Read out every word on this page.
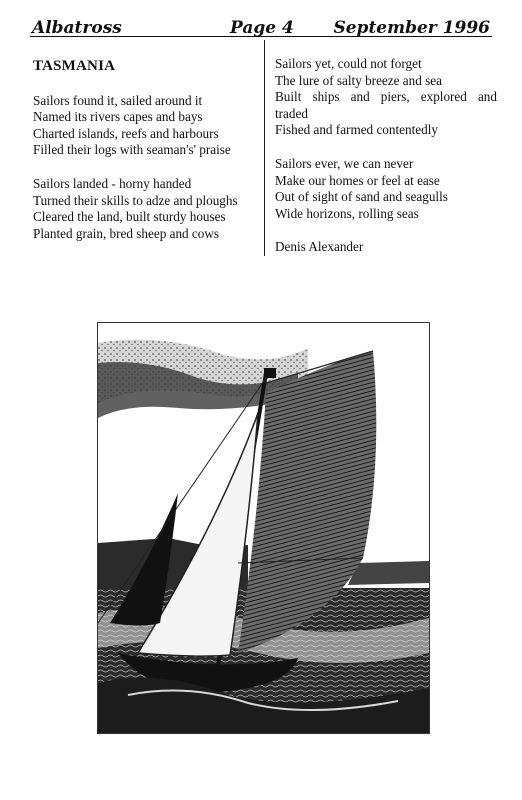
Albatross	Page 4 September 1996
TASMANIA
Sailors found it, sailed around it
Named its rivers capes and bays
Charted islands, reefs and harbours
Filled their logs with seaman's' praise
Sailors landed - horny handed
Turned their skills to adze and ploughs
Cleared the land, built sturdy houses
Planted grain, bred sheep and cows
Sailors yet, could not forget
The lure of salty breeze and sea
Built ships and piers, explored and
traded
Fished and farmed contentedly
Sailors ever, we can never
Make our homes or feel at ease
Out of sight of sand and seagulls
Wide horizons, rolling seas
Denis Alexander
